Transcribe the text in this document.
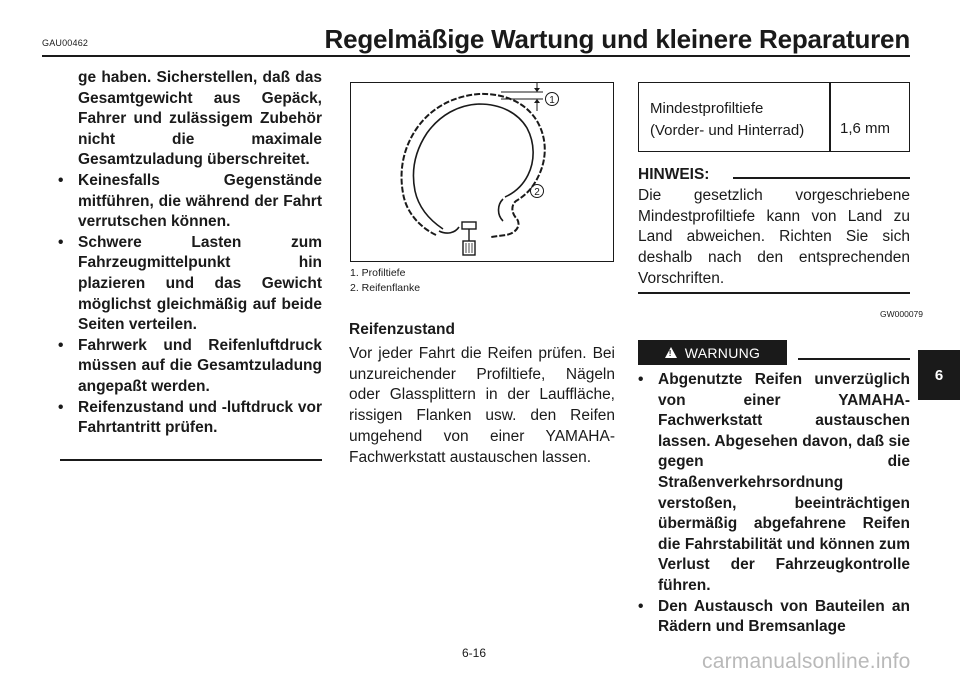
GAU00462	Regelmäßige Wartung und kleinere Reparaturen

ge haben. Sicherstellen, daß das Gesamtgewicht aus Gepäck, Fahrer und zulässigem Zubehör nicht die maximale Gesamtzuladung überschreitet.

• Keinesfalls Gegenstände mitführen, die während der Fahrt verrutschen können.
• Schwere Lasten zum Fahrzeugmittelpunkt hin plazieren und das Gewicht möglichst gleichmäßig auf beide Seiten verteilen.
• Fahrwerk und Reifenluftdruck müssen auf die Gesamtzuladung angepaßt werden.
• Reifenzustand und -luftdruck vor Fahrtantritt prüfen.
1
2
1. Profiltiefe
2. Reifenflanke
Reifenzustand
Vor jeder Fahrt die Reifen prüfen. Bei unzureichender Profiltiefe, Nägeln oder Glassplittern in der Lauffläche, rissigen Flanken usw. den Reifen umgehend von einer YAMAHA-Fachwerkstatt austauschen lassen.
Mindestprofiltiefe
(Vorder- und Hinterrad) 1,6 mm
HINWEIS:
Die gesetzlich vorgeschriebene Mindestprofiltiefe kann von Land zu Land abweichen. Richten Sie sich deshalb nach den entsprechenden Vorschriften.
GW000079
! WARNUNG
• Abgenutzte Reifen unverzüglich von einer YAMAHA- Fachwerkstatt austauschen lassen. Abgesehen davon, daß sie gegen die Straßenverkehrsordnung verstoßen, beeinträchtigen übermäßig abgefahrene Reifen die Fahrstabilität und können zum Verlust der Fahrzeugkontrolle führen.
• Den Austausch von Bauteilen an Rädern und Bremsanlage
6
6-16	carmanualsonline.info
